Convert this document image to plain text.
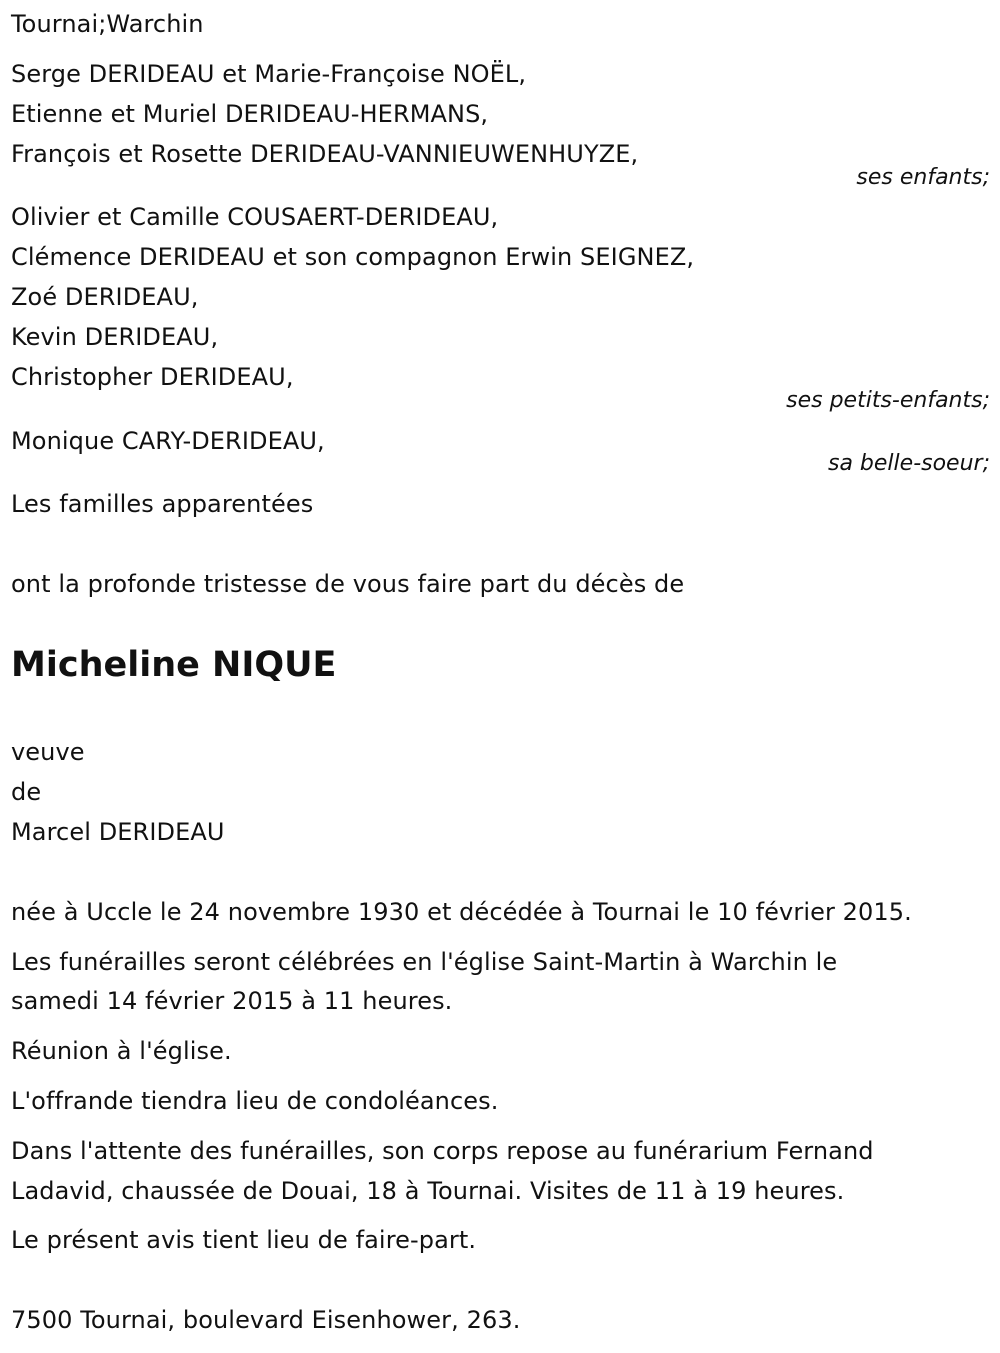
Tournai;Warchin
Serge DERIDEAU et Marie-Françoise NOËL,
Etienne et Muriel DERIDEAU-HERMANS,
François et Rosette DERIDEAU-VANNIEUWENHUYZE,
ses enfants;
Olivier et Camille COUSAERT-DERIDEAU,
Clémence DERIDEAU et son compagnon Erwin SEIGNEZ,
Zoé DERIDEAU,
Kevin DERIDEAU,
Christopher DERIDEAU,
ses petits-enfants;
Monique CARY-DERIDEAU,
sa belle-soeur;
Les familles apparentées
ont la profonde tristesse de vous faire part du décès de
Micheline NIQUE
veuve
de
Marcel DERIDEAU
née à Uccle le 24 novembre 1930 et décédée à Tournai le 10 février 2015.
Les funérailles seront célébrées en l'église Saint-Martin à Warchin le
samedi 14 février 2015 à 11 heures.
Réunion à l'église.
L'offrande tiendra lieu de condoléances.
Dans l'attente des funérailles, son corps repose au funérarium Fernand
Ladavid, chaussée de Douai, 18 à Tournai. Visites de 11 à 19 heures.
Le présent avis tient lieu de faire-part.
7500 Tournai, boulevard Eisenhower, 263.
